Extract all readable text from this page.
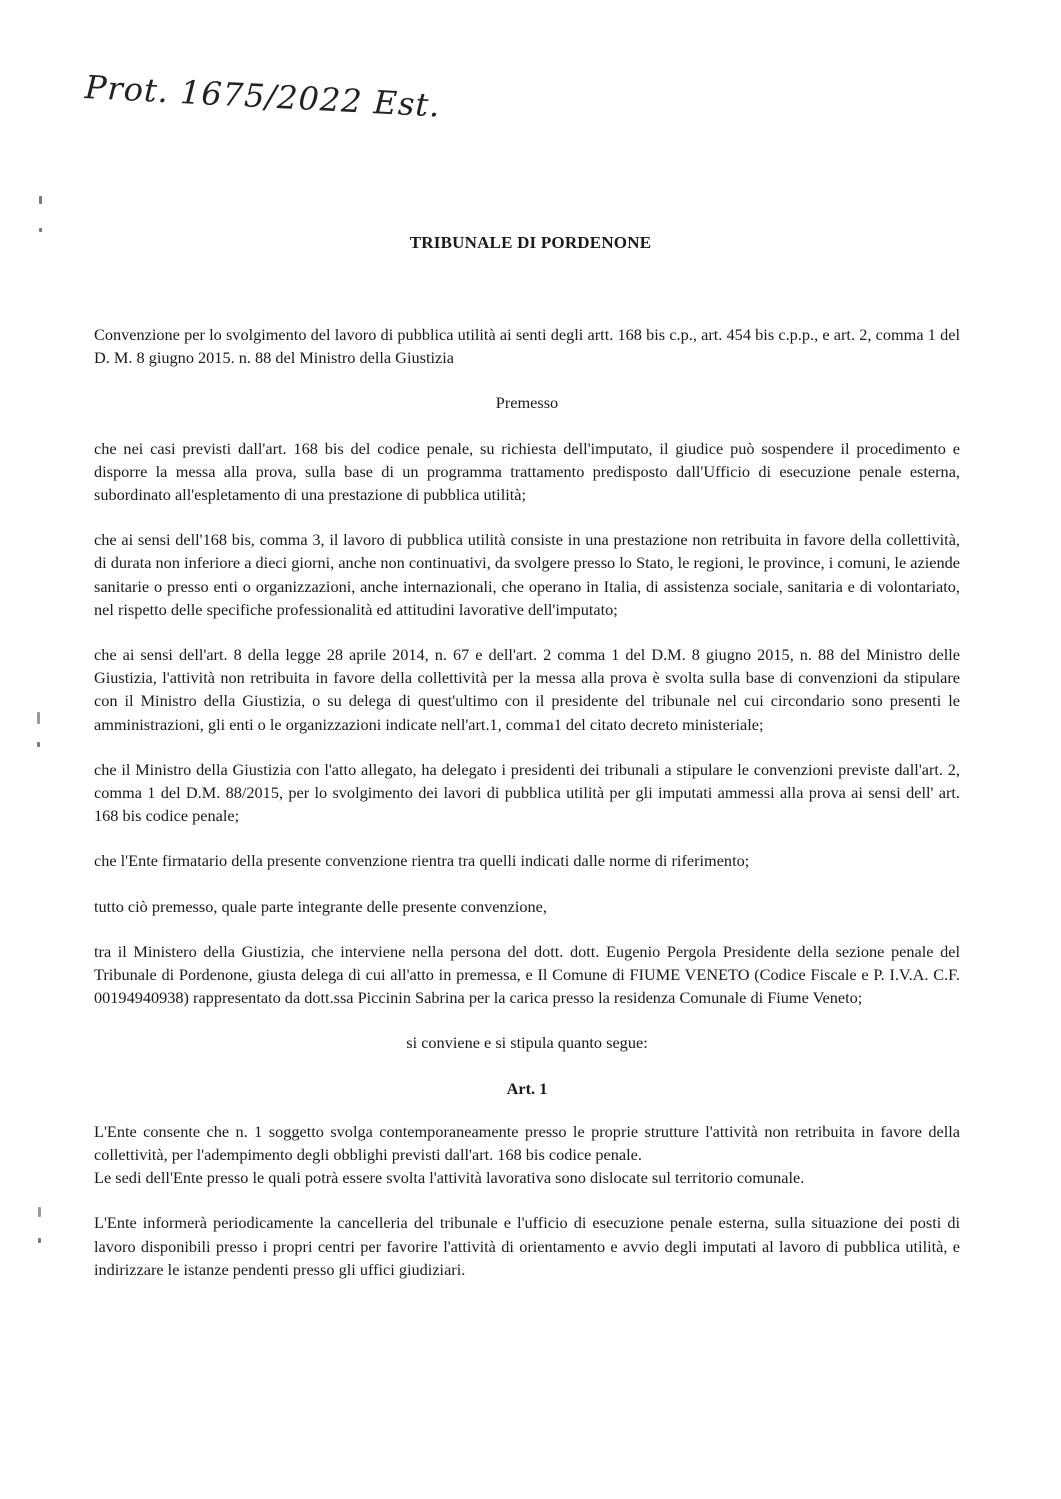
Prot. 1675/2022 Est.
TRIBUNALE DI PORDENONE

Convenzione per lo svolgimento del lavoro di pubblica utilità ai senti degli artt. 168 bis c.p., art. 454 bis c.p.p., e art. 2, comma 1 del D. M. 8 giugno 2015. n. 88 del Ministro della Giustizia

Premesso

che nei casi previsti dall'art. 168 bis del codice penale, su richiesta dell'imputato, il giudice può sospendere il procedimento e disporre la messa alla prova, sulla base di un programma trattamento predisposto dall'Ufficio di esecuzione penale esterna, subordinato all'espletamento di una prestazione di pubblica utilità;

che ai sensi dell'168 bis, comma 3, il lavoro di pubblica utilità consiste in una prestazione non retribuita in favore della collettività, di durata non inferiore a dieci giorni, anche non continuativi, da svolgere presso lo Stato, le regioni, le province, i comuni, le aziende sanitarie o presso enti o organizzazioni, anche internazionali, che operano in Italia, di assistenza sociale, sanitaria e di volontariato, nel rispetto delle specifiche professionalità ed attitudini lavorative dell'imputato;

che ai sensi dell'art. 8 della legge 28 aprile 2014, n. 67 e dell'art. 2 comma 1 del D.M. 8 giugno 2015, n. 88 del Ministro delle Giustizia, l'attività non retribuita in favore della collettività per la messa alla prova è svolta sulla base di convenzioni da stipulare con il Ministro della Giustizia, o su delega di quest'ultimo con il presidente del tribunale nel cui circondario sono presenti le amministrazioni, gli enti o le organizzazioni indicate nell'art.1, comma1 del citato decreto ministeriale;

che il Ministro della Giustizia con l'atto allegato, ha delegato i presidenti dei tribunali a stipulare le convenzioni previste dall'art. 2, comma 1 del D.M. 88/2015, per lo svolgimento dei lavori di pubblica utilità per gli imputati ammessi alla prova ai sensi dell' art. 168 bis codice penale;

che l'Ente firmatario della presente convenzione rientra tra quelli indicati dalle norme di riferimento;

tutto ciò premesso, quale parte integrante delle presente convenzione,

tra il Ministero della Giustizia, che interviene nella persona del dott. dott. Eugenio Pergola Presidente della sezione penale del Tribunale di Pordenone, giusta delega di cui all'atto in premessa, e Il Comune di FIUME VENETO (Codice Fiscale e P. I.V.A. C.F. 00194940938) rappresentato da dott.ssa Piccinin Sabrina per la carica presso la residenza Comunale di Fiume Veneto;

si conviene e si stipula quanto segue:

Art. 1

L'Ente consente che n. 1 soggetto svolga contemporaneamente presso le proprie strutture l'attività non retribuita in favore della collettività, per l'adempimento degli obblighi previsti dall'art. 168 bis codice penale.

Le sedi dell'Ente presso le quali potrà essere svolta l'attività lavorativa sono dislocate sul territorio comunale.

L'Ente informerà periodicamente la cancelleria del tribunale e l'ufficio di esecuzione penale esterna, sulla situazione dei posti di lavoro disponibili presso i propri centri per favorire l'attività di orientamento e avvio degli imputati al lavoro di pubblica utilità, e indirizzare le istanze pendenti presso gli uffici giudiziari.
